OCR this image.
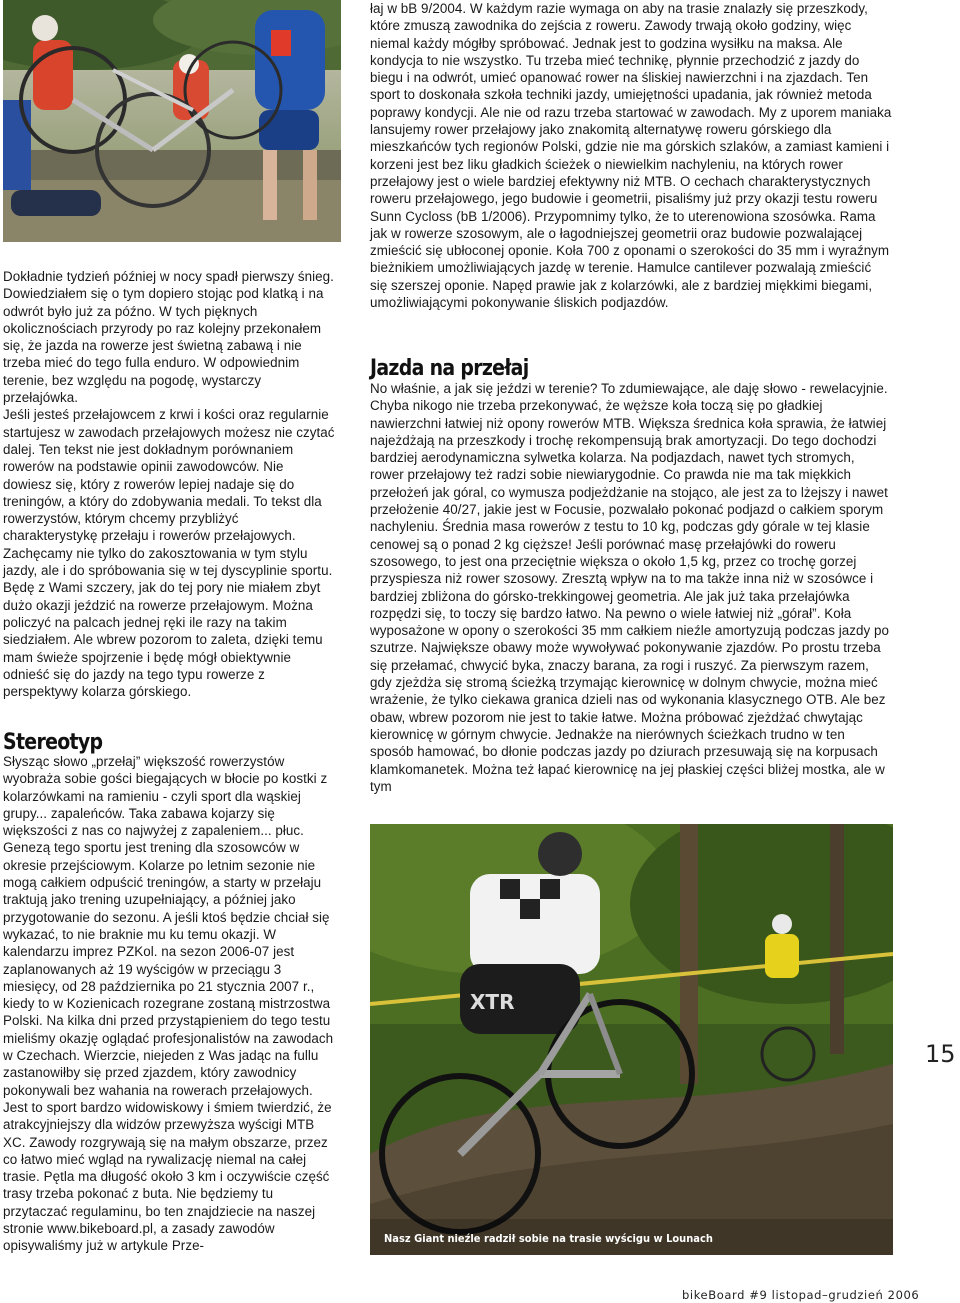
Dokładnie tydzień później w nocy spadł pierwszy śnieg. Dowiedziałem się o tym dopiero stojąc pod klatką i na odwrót było już za późno. W tych pięknych okolicznościach przyrody po raz kolejny przekonałem się, że jazda na rowerze jest świetną zabawą i nie trzeba mieć do tego fulla enduro. W odpowiednim terenie, bez względu na pogodę, wystarczy przełajówka.

Jeśli jesteś przełajowcem z krwi i kości oraz regularnie startujesz w zawodach przełajowych możesz nie czytać dalej. Ten tekst nie jest dokładnym porównaniem rowerów na podstawie opinii zawodowców. Nie dowiesz się, który z rowerów lepiej nadaje się do treningów, a który do zdobywania medali. To tekst dla rowerzystów, którym chcemy przybliżyć charakterystykę przełaju i rowerów przełajowych. Zachęcamy nie tylko do zakosztowania w tym stylu jazdy, ale i do spróbowania się w tej dyscyplinie sportu. Będę z Wami szczery, jak do tej pory nie miałem zbyt dużo okazji jeździć na rowerze przełajowym. Można policzyć na palcach jednej ręki ile razy na takim siedziałem. Ale wbrew pozorom to zaleta, dzięki temu mam świeże spojrzenie i będę mógł obiektywnie odnieść się do jazdy na tego typu rowerze z perspektywy kolarza górskiego.

Stereotyp

Słysząc słowo „przełaj” większość rowerzystów wyobraża sobie gości biegających w błocie po kostki z kolarzówkami na ramieniu - czyli sport dla wąskiej grupy... zapaleńców. Taka zabawa kojarzy się większości z nas co najwyżej z zapaleniem... płuc. Genezą tego sportu jest trening dla szosowców w okresie przejściowym. Kolarze po letnim sezonie nie mogą całkiem odpuścić treningów, a starty w przełaju traktują jako trening uzupełniający, a później jako przygotowanie do sezonu. A jeśli ktoś będzie chciał się wykazać, to nie braknie mu ku temu okazji. W kalendarzu imprez PZKol. na sezon 2006-07 jest zaplanowanych aż 19 wyścigów w przeciągu 3 miesięcy, od 28 października po 21 stycznia 2007 r., kiedy to w Kozienicach rozegrane zostaną mistrzostwa Polski. Na kilka dni przed przystąpieniem do tego testu mieliśmy okazję oglądać profesjonalistów na zawodach w Czechach. Wierzcie, niejeden z Was jadąc na fullu zastanowiłby się przed zjazdem, który zawodnicy pokonywali bez wahania na rowerach przełajowych. Jest to sport bardzo widowiskowy i śmiem twierdzić, że atrakcyjniejszy dla widzów przewyższa wyścigi MTB XC. Zawody rozgrywają się na małym obszarze, przez co łatwo mieć wgląd na rywalizację niemal na całej trasie. Pętla ma długość około 3 km i oczywiście część trasy trzeba pokonać z buta. Nie będziemy tu przytaczać regulaminu, bo ten znajdziecie na naszej stronie www.bikeboard.pl, a zasady zawodów opisywaliśmy już w artykule Prze-

łaj w bB 9/2004. W każdym razie wymaga on aby na trasie znalazły się przeszkody, które zmuszą zawodnika do zejścia z roweru. Zawody trwają około godziny, więc niemal każdy mógłby spróbować. Jednak jest to godzina wysiłku na maksa. Ale kondycja to nie wszystko. Tu trzeba mieć technikę, płynnie przechodzić z jazdy do biegu i na odwrót, umieć opanować rower na śliskiej nawierzchni i na zjazdach. Ten sport to doskonała szkoła techniki jazdy, umiejętności upadania, jak również metoda poprawy kondycji. Ale nie od razu trzeba startować w zawodach. My z uporem maniaka lansujemy rower przełajowy jako znakomitą alternatywę roweru górskiego dla mieszkańców tych regionów Polski, gdzie nie ma górskich szlaków, a zamiast kamieni i korzeni jest bez liku gładkich ścieżek o niewielkim nachyleniu, na których rower przełajowy jest o wiele bardziej efektywny niż MTB. O cechach charakterystycznych roweru przełajowego, jego budowie i geometrii, pisaliśmy już przy okazji testu roweru Sunn Cycloss (bB 1/2006). Przypomnimy tylko, że to uterenowiona szosówka. Rama jak w rowerze szosowym, ale o łagodniejszej geometrii oraz budowie pozwalającej zmieścić się ubłoconej oponie. Koła 700 z oponami o szerokości do 35 mm i wyraźnym bieżnikiem umożliwiających jazdę w terenie. Hamulce cantilever pozwalają zmieścić się szerszej oponie. Napęd prawie jak z kolarzówki, ale z bardziej miękkimi biegami, umożliwiającymi pokonywanie śliskich podjazdów.

Jazda na przełaj

No właśnie, a jak się jeździ w terenie? To zdumiewające, ale daję słowo - rewelacyjnie. Chyba nikogo nie trzeba przekonywać, że węższe koła toczą się po gładkiej nawierzchni łatwiej niż opony rowerów MTB. Większa średnica koła sprawia, że łatwiej najeżdżają na przeszkody i trochę rekompensują brak amortyzacji. Do tego dochodzi bardziej aerodynamiczna sylwetka kolarza. Na podjazdach, nawet tych stromych, rower przełajowy też radzi sobie niewiarygodnie. Co prawda nie ma tak miękkich przełożeń jak góral, co wymusza podjeżdżanie na stojąco, ale jest za to lżejszy i nawet przełożenie 40/27, jakie jest w Focusie, pozwalało pokonać podjazd o całkiem sporym nachyleniu. Średnia masa rowerów z testu to 10 kg, podczas gdy górale w tej klasie cenowej są o ponad 2 kg cięższe! Jeśli porównać masę przełajówki do roweru szosowego, to jest ona przeciętnie większa o około 1,5 kg, przez co trochę gorzej przyspiesza niż rower szosowy. Zresztą wpływ na to ma także inna niż w szosówce i bardziej zbliżona do górsko-trekkingowej geometria. Ale jak już taka przełajówka rozpędzi się, to toczy się bardzo łatwo. Na pewno o wiele łatwiej niż „górał”. Koła wyposażone w opony o szerokości 35 mm całkiem nieźle amortyzują podczas jazdy po szutrze. Największe obawy może wywoływać pokonywanie zjazdów. Po prostu trzeba się przełamać, chwycić byka, znaczy barana, za rogi i ruszyć. Za pierwszym razem, gdy zjeżdża się stromą ścieżką trzymając kierownicę w dolnym chwycie, można mieć wrażenie, że tylko ciekawa granica dzieli nas od wykonania klasycznego OTB. Ale bez obaw, wbrew pozorom nie jest to takie łatwe. Można próbować zjeżdżać chwytając kierownicę w górnym chwycie. Jednakże na nierównych ścieżkach trudno w ten sposób hamować, bo dłonie podczas jazdy po dziurach przesuwają się na korpusach klamkomanetek. Można też łapać kierownicę na jej płaskiej części bliżej mostka, ale w tym

XTR
Nasz Giant nieźle radził sobie na trasie wyścigu w Lounach
15
bikeBoard #9 listopad–grudzień 2006
